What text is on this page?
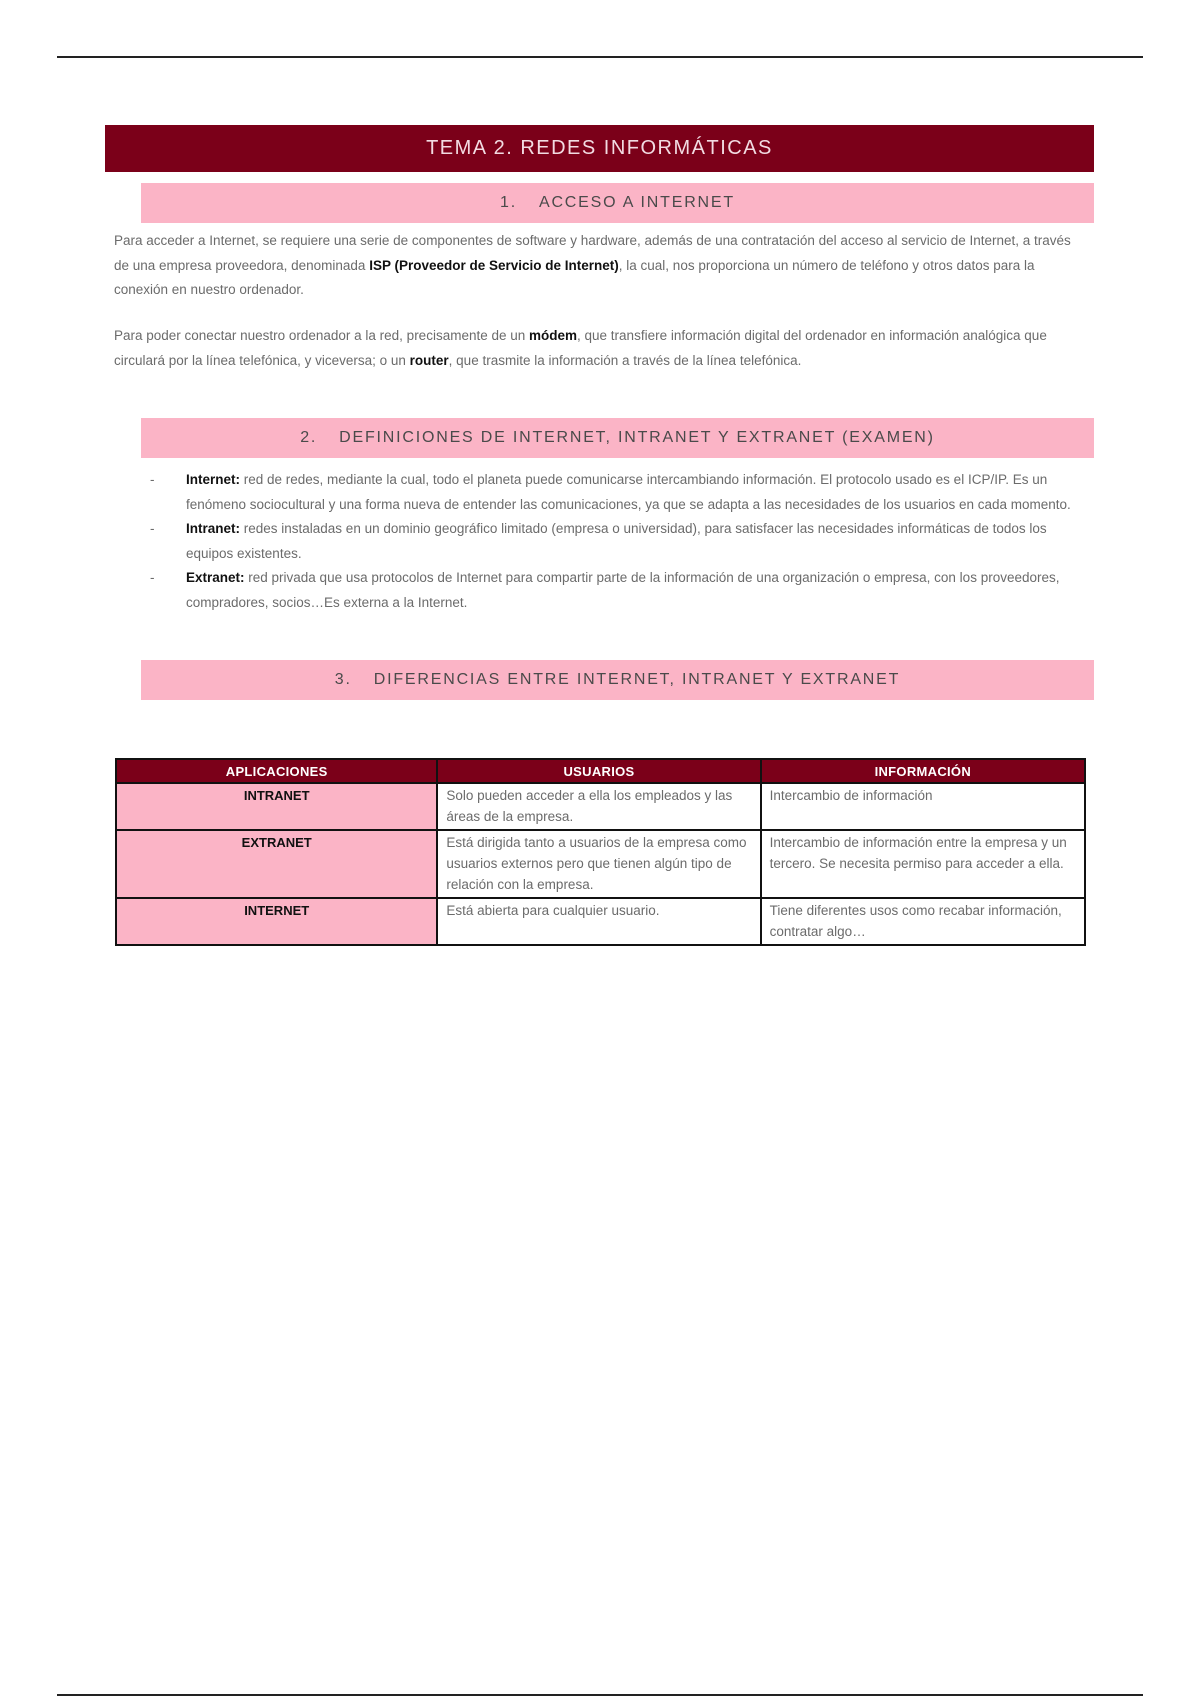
TEMA 2. REDES INFORMÁTICAS
1. ACCESO A INTERNET

Para acceder a Internet, se requiere una serie de componentes de software y hardware, además de una contratación del acceso al servicio de Internet, a través de una empresa proveedora, denominada ISP (Proveedor de Servicio de Internet), la cual, nos proporciona un número de teléfono y otros datos para la conexión en nuestro ordenador.

Para poder conectar nuestro ordenador a la red, precisamente de un módem, que transfiere información digital del ordenador en información analógica que circulará por la línea telefónica, y viceversa; o un router, que trasmite la información a través de la línea telefónica.

2. DEFINICIONES DE INTERNET, INTRANET Y EXTRANET (EXAMEN)
- Internet: red de redes, mediante la cual, todo el planeta puede comunicarse intercambiando información. El protocolo usado es el ICP/IP. Es un fenómeno sociocultural y una forma nueva de entender las comunicaciones, ya que se adapta a las necesidades de los usuarios en cada momento.
- Intranet: redes instaladas en un dominio geográfico limitado (empresa o universidad), para satisfacer las necesidades informáticas de todos los equipos existentes.
- Extranet: red privada que usa protocolos de Internet para compartir parte de la información de una organización o empresa, con los proveedores, compradores, socios…Es externa a la Internet.
3. DIFERENCIAS ENTRE INTERNET, INTRANET Y EXTRANET
APLICACIONES	USUARIOS	INFORMACIÓN
INTRANET	Solo pueden acceder a ella los empleados y las áreas de la empresa.	Intercambio de información
EXTRANET	Está dirigida tanto a usuarios de la empresa como usuarios externos pero que tienen algún tipo de relación con la empresa.	Intercambio de información entre la empresa y un tercero. Se necesita permiso para acceder a ella.
INTERNET	Está abierta para cualquier usuario.	Tiene diferentes usos como recabar información, contratar algo…
